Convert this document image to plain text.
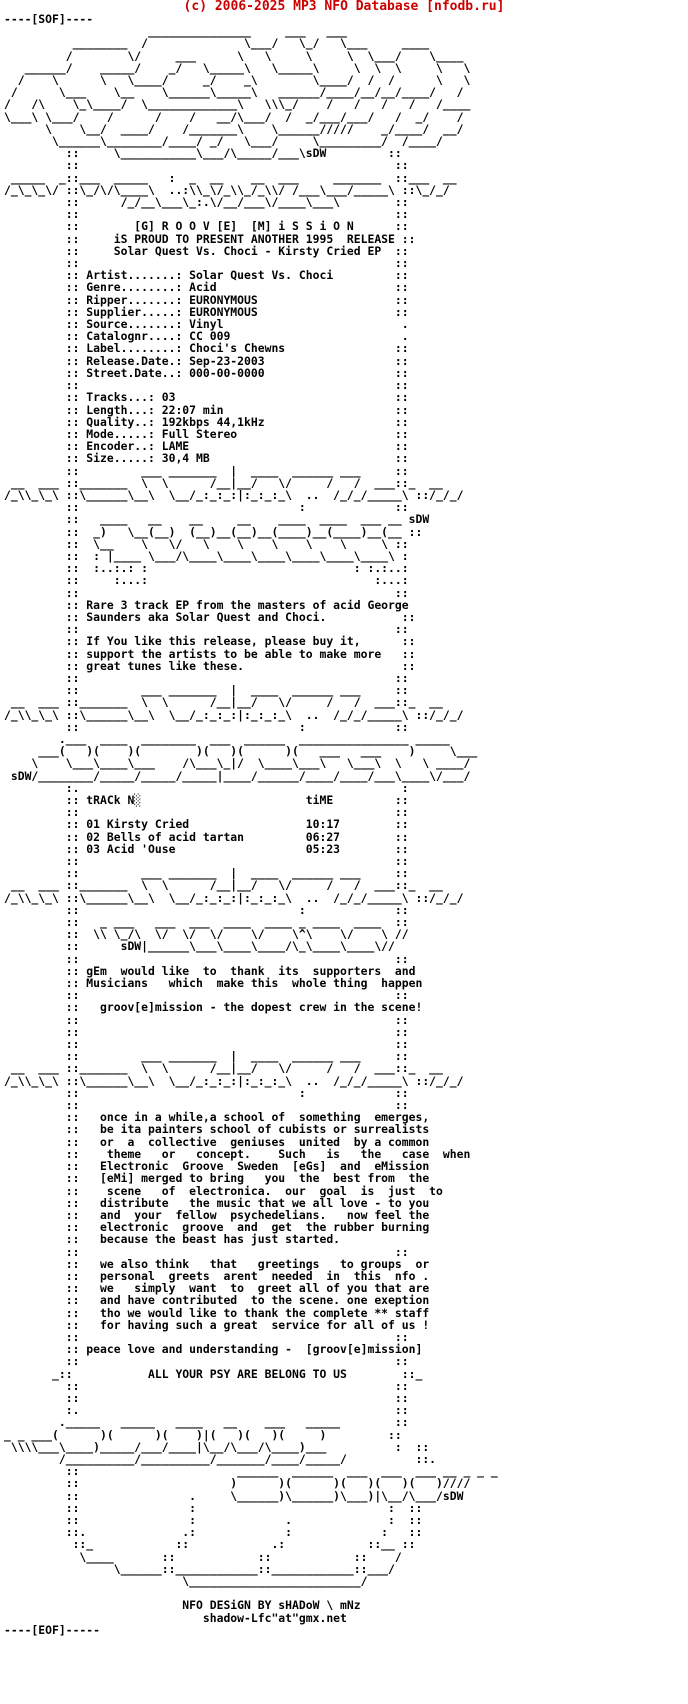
(c) 2006-2025 MP3 NFO Database [nfodb.ru]
----[SOF]----
_______________     ___   ___
________  /              \___/   \_/   \___     ____
/        \/     ___      \   \     \     \  \___/    \____
______/    _____/    _/   \_____\   \_____\     \  \  \     \   \
/    \      \   \____/     _/    _\        \____/  /  /      \   \
/      \___    \__    \______\_____\   ______/____/__/__/____/   /
/   /\    \_\____/  \_____________\   \\\_/    /   /   /   /   /____
\___\ \___/    /      /    /   __/\___/  /  _/___/___/   /  _/    /
\    \__/  ____/    /_______\    \______/////    _/____/  __/
\______\________/____/ _/   \___/     \_________/  /____/
::     \___________\___/\_____/___\sDW         ::
::                                              ::
_____  _::___  _____   :  _  __    __  ___     _______  ::___  __
/_\_\_\/ ::\_/\/\____\  ..:\\_\/_\\_/_\\/ /___\___/_____\ ::\_/_/
::      /_/__\___\_:.\/__/___\/____\___\        ::
::                                              ::
::        [G] R O O V [E]  [M] i S S i O N      ::
::     iS PROUD TO PRESENT ANOTHER 1995  RELEASE ::
::     Solar Quest Vs. Choci - Kirsty Cried EP  ::
::                                              ::
:: Artist.......: Solar Quest Vs. Choci         ::
:: Genre........: Acid                          ::
:: Ripper.......: EURONYMOUS                    ::
:: Supplier.....: EURONYMOUS                    ::
:: Source.......: Vinyl                          .
:: Catalognr....: CC 009                         .
:: Label........: Choci's Chewns                ::
:: Release.Date.: Sep-23-2003                   ::
:: Street.Date..: 000-00-0000                   ::
::                                              ::
:: Tracks...: 03                                ::
:: Length...: 22:07 min                         ::
:: Quality..: 192kbps 44,1kHz                   ::
:: Mode.....: Full Stereo                       ::
:: Encoder..: LAME                              ::
:: Size.....: 30,4 MB                           ::
::         ___ _______  |  ____  ______ ___     ::
__  ___ ::_______  \  \      /__|__/   \/     /   /  ___::_  __
/_\\_\_\ ::\______\__\  \__/_:_:_:|:_:_:_\  ..  /_/_/_____\ ::/_/_/
::                                :             ::
::   ____   __    __     __    ____  ____  ___ __ sDW
::  _)   \__(__)  (__)__(__)__(____)__(____)__(__ ::
::  \__    \   \/   \    \    \    \    \     \ ::
::  : |____ \___/\____\____\____\____\____\____\ :
::  :..:.: :                              : :.:..:
::     :...:                                 :...:
::                                              ::
:: Rare 3 track EP from the masters of acid George
:: Saunders aka Solar Quest and Choci.           ::
::                                              ::
:: If You like this release, please buy it,      ::
:: support the artists to be able to make more   ::
:: great tunes like these.                       ::
::                                              ::
::         ___ _______  |  ____  ______ ___     ::
__  ___ ::_______  \  \      /__|__/   \/     /   /  ___::_  __
/_\\_\_\ ::\______\__\  \__/_:_:_:|:_:_:_\  ..  /_/_/_____\ ::/_/_/
::                                :             ::
.___  ____  ________  ___  ______  ________________ _____
___(   )(    )(        )(   )(      )(   ___   ___    )     \___
\    \___\____\___    /\___\_|/  \____\___\   \___\  \   \ ____/
sDW/________/_____/_____/_____|____/______/____/____/___\____\/___/
:.                                               :
:: tRACk N░                        tiME         ::
::                                              ::
:: 01 Kirsty Cried                 10:17        ::
:: 02 Bells of acid tartan         06:27        ::
:: 03 Acid 'Ouse                   05:23        ::
::                                              ::
::         ___ _______  |  ____  ______ ___     ::
__  ___ ::_______  \  \      /__|__/   \/     /   /  ___::_  __
/_\\_\_\ ::\______\__\  \__/_:_:_:|:_:_:_\  ..  /_/_/_____\ ::/_/_/
::                                :             ::
::   _ ___   ___  ___  ____  ____ _ ____  ____  ::
::  \\ \_/\  \/  \/  \/    \/    \^\    \/    \ //
::      sDW|______\___\____\____/\_\____\____\//
::                                              ::
:: gEm  would like  to  thank  its  supporters  and
:: Musicians   which  make this  whole thing  happen
::                                              ::
::   groov[e]mission - the dopest crew in the scene!
::                                              ::
::                                              ::
::                                              ::
::         ___ _______  |  ____  ______ ___     ::
__  ___ ::_______  \  \      /__|__/   \/     /   /  ___::_  __
/_\\_\_\ ::\______\__\  \__/_:_:_:|:_:_:_\  ..  /_/_/_____\ ::/_/_/
::                                :             ::
::                                              ::
::   once in a while,a school of  something  emerges,
::   be ita painters school of cubists or surrealists
::   or  a  collective  geniuses  united  by a common
::    theme   or   concept.    Such   is   the   case  when
::   Electronic  Groove  Sweden  [eGs]  and  eMission
::   [eMi] merged to bring   you  the  best from  the
::    scene   of  electronica.  our  goal  is  just  to
::   distribute   the music that we all love - to you
::   and  your  fellow  psychedelians.   now feel the
::   electronic  groove  and  get  the rubber burning
::   because the beast has just started.
::                                              ::
::   we also think   that   greetings   to groups  or
::   personal  greets  arent  needed  in  this  nfo .
::   we   simply  want  to  greet all of you that are
::   and have contributed  to the scene. one exeption
::   tho we would like to thank the complete ** staff
::   for having such a great  service for all of us !
::                                              ::
:: peace love and understanding -  [groov[e]mission]
::                                              ::
_::           ALL YOUR PSY ARE BELONG TO US        ::_
::                                              ::
::                                              ::
:.                                              ::
._____   _____   ____   __    ___   _____        ::
_ _ ___(      )(      )(    )|(   )(   )(     )         ::
\\\\___\____)_____/___/____|\__/\___/\____)___          :  ::
/__________/__________/_______/____/_____/          ::.
::                       ______  ______  ___  ___  ___ __ _ _ _
::                      )      )(      )(   )(   )(   )////
::                .     \______)\______)\___)|\__/\___/sDW
::                :                            :  ::
::                :             .              :  ::
::.              .:             :             :   ::
::_            ::            .:            ::__ ::
\____       ::            ::            ::    /
\______::____________::____________::___/
\_________________________/

NFO DESiGN BY sHADoW \ mNz
shadow-Lfc"at"gmx.net
----[EOF]-----
